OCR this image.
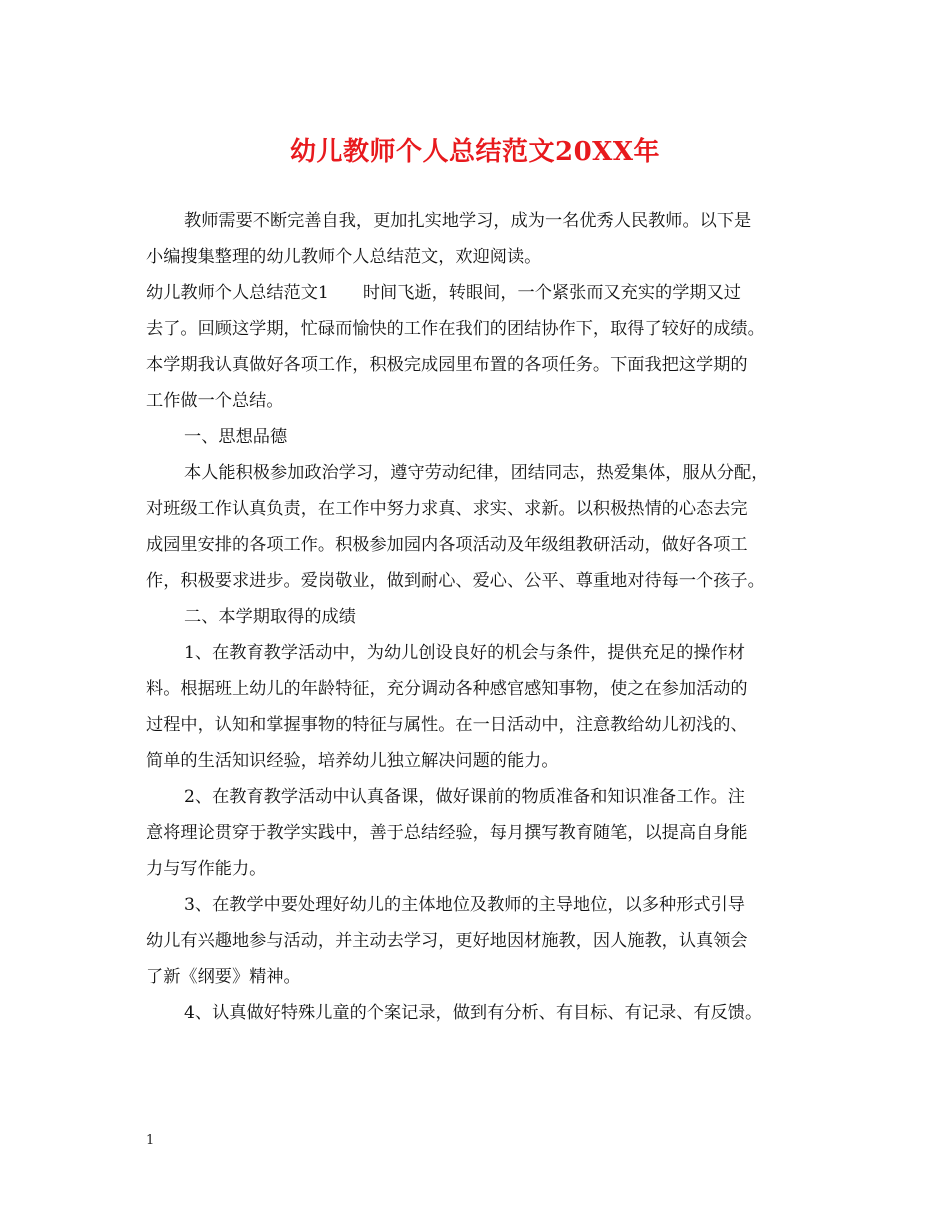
幼儿教师个人总结范文20XX年
教师需要不断完善自我，更加扎实地学习，成为一名优秀人民教师。以下是
小编搜集整理的幼儿教师个人总结范文，欢迎阅读。
幼儿教师个人总结范文1 时间飞逝，转眼间，一个紧张而又充实的学期又过
去了。回顾这学期，忙碌而愉快的工作在我们的团结协作下，取得了较好的成绩。
本学期我认真做好各项工作，积极完成园里布置的各项任务。下面我把这学期的
工作做一个总结。
一、思想品德
本人能积极参加政治学习，遵守劳动纪律，团结同志，热爱集体，服从分配，
对班级工作认真负责，在工作中努力求真、求实、求新。以积极热情的心态去完
成园里安排的各项工作。积极参加园内各项活动及年级组教研活动，做好各项工
作，积极要求进步。爱岗敬业，做到耐心、爱心、公平、尊重地对待每一个孩子。
二、本学期取得的成绩
1、在教育教学活动中，为幼儿创设良好的机会与条件，提供充足的操作材
料。根据班上幼儿的年龄特征，充分调动各种感官感知事物，使之在参加活动的
过程中，认知和掌握事物的特征与属性。在一日活动中，注意教给幼儿初浅的、
简单的生活知识经验，培养幼儿独立解决问题的能力。
2、在教育教学活动中认真备课，做好课前的物质准备和知识准备工作。注
意将理论贯穿于教学实践中，善于总结经验，每月撰写教育随笔，以提高自身能
力与写作能力。
3、在教学中要处理好幼儿的主体地位及教师的主导地位，以多种形式引导
幼儿有兴趣地参与活动，并主动去学习，更好地因材施教，因人施教，认真领会
了新《纲要》精神。
4、认真做好特殊儿童的个案记录，做到有分析、有目标、有记录、有反馈。
1
